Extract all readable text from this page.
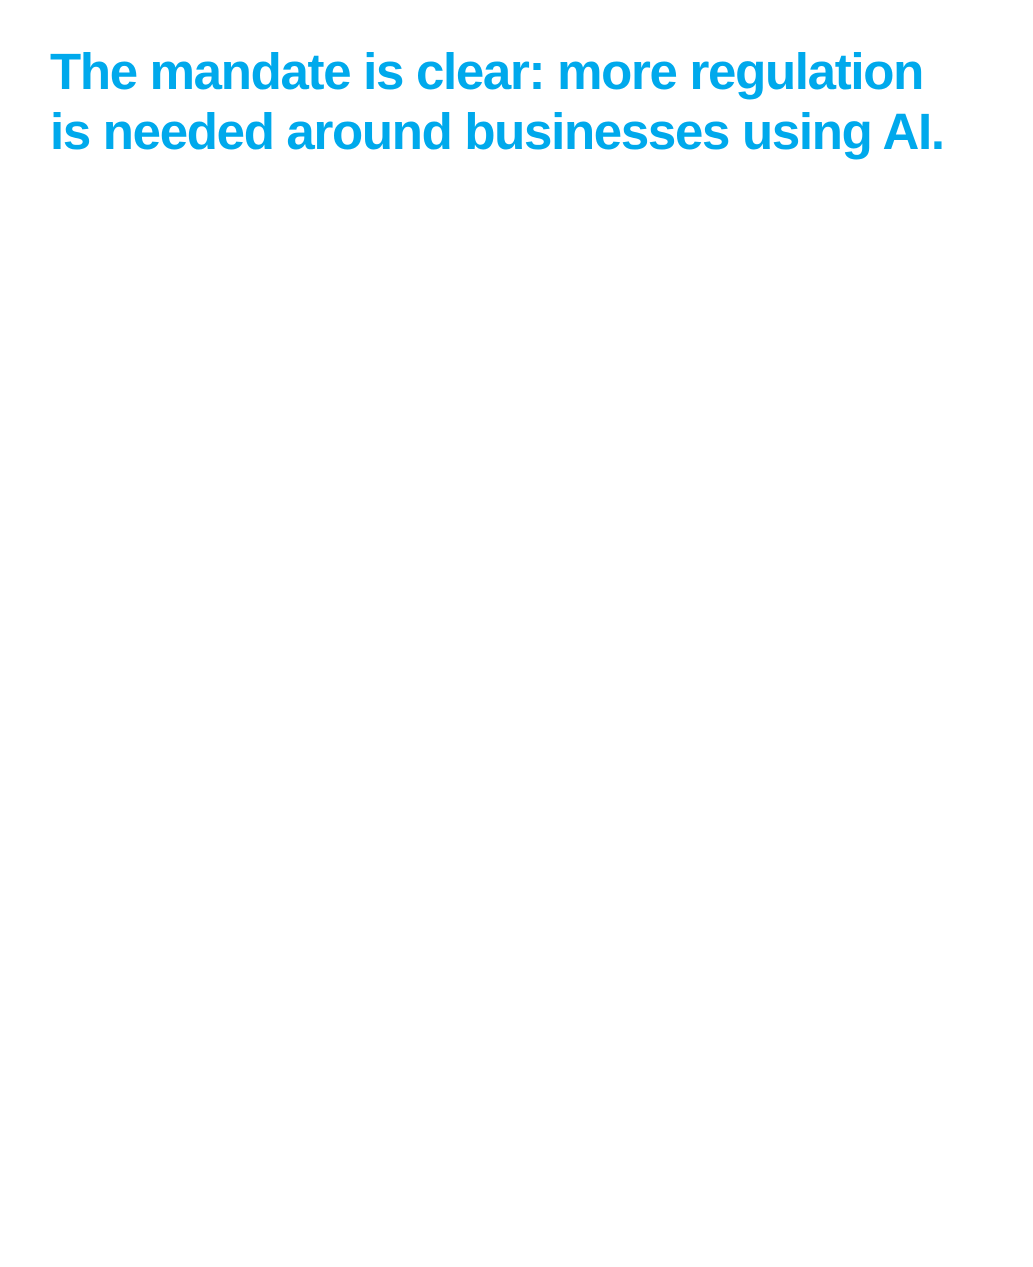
The mandate is clear: more regulation
is needed around businesses using AI.
